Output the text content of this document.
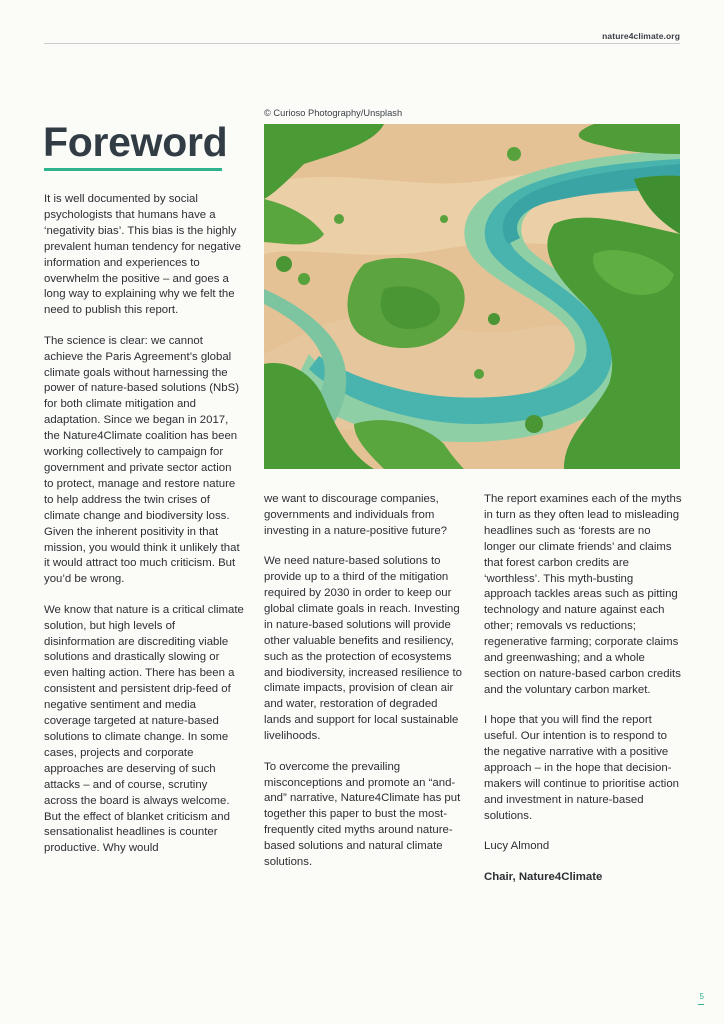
nature4climate.org
Foreword
© Curioso Photography/Unsplash

It is well documented by social psychologists that humans have a ‘negativity bias’. This bias is the highly prevalent human tendency for negative information and experiences to overwhelm the positive – and goes a long way to explaining why we felt the need to publish this report.

The science is clear: we cannot achieve the Paris Agreement’s global climate goals without harnessing the power of nature-based solutions (NbS) for both climate mitigation and adaptation. Since we began in 2017, the Nature4Climate coalition has been working collectively to campaign for government and private sector action to protect, manage and restore nature to help address the twin crises of climate change and biodiversity loss. Given the inherent positivity in that mission, you would think it unlikely that it would attract too much criticism. But you’d be wrong.

We know that nature is a critical climate solution, but high levels of disinformation are discrediting viable solutions and drastically slowing or even halting action. There has been a consistent and persistent drip-feed of negative sentiment and media coverage targeted at nature-based solutions to climate change. In some cases, projects and corporate approaches are deserving of such attacks – and of course, scrutiny across the board is always welcome. But the effect of blanket criticism and sensationalist headlines is counter productive. Why would

we want to discourage companies, governments and individuals from investing in a nature-positive future?

We need nature-based solutions to provide up to a third of the mitigation required by 2030 in order to keep our global climate goals in reach. Investing in nature-based solutions will provide other valuable benefits and resiliency, such as the protection of ecosystems and biodiversity, increased resilience to climate impacts, provision of clean air and water, restoration of degraded lands and support for local sustainable livelihoods.

To overcome the prevailing misconceptions and promote an “and-and” narrative, Nature4Climate has put together this paper to bust the most-frequently cited myths around nature-based solutions and natural climate solutions.

The report examines each of the myths in turn as they often lead to misleading headlines such as ‘forests are no longer our climate friends’ and claims that forest carbon credits are ‘worthless’. This myth-busting approach tackles areas such as pitting technology and nature against each other; removals vs reductions; regenerative farming; corporate claims and greenwashing; and a whole section on nature-based carbon credits and the voluntary carbon market.

I hope that you will find the report useful. Our intention is to respond to the negative narrative with a positive approach – in the hope that decision-makers will continue to prioritise action and investment in nature-based solutions.

Lucy Almond

Chair, Nature4Climate

5
